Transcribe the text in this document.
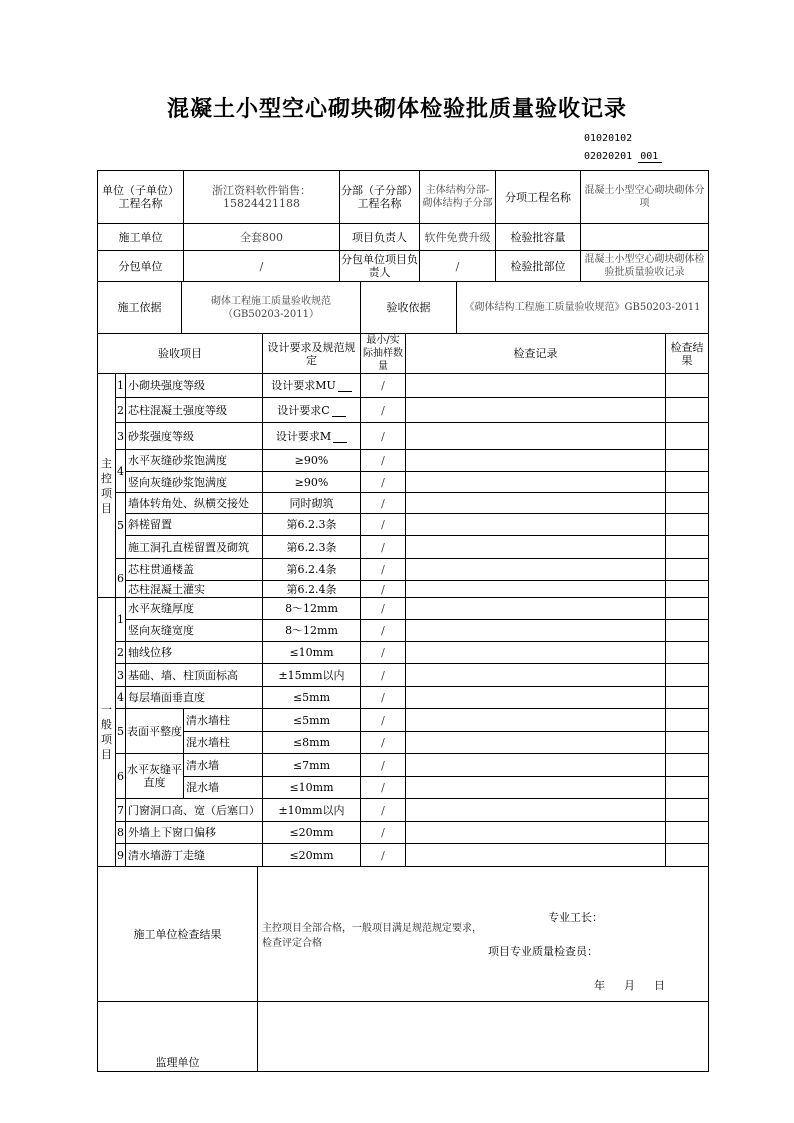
混凝土小型空心砌块砌体检验批质量验收记录
01020102
02020201 001

单位（子单位）工程名称				浙江资料软件销售：15824421188			分部（子分部）工程名称				主体结构分部-砌体结构子分部			分项工程名称	混凝土小型空心砌块砌体分项		
施工单位				全套800			项目负责人				软件免费升级			检验批容量			
分包单位				/			分包单位项目负责人				/			检验批部位	混凝土小型空心砌块砌体检验批质量验收记录		
施工依据			砌体工程施工质量验收规范（GB50203-2011）						验收依据			《砌体结构工程施工质量验收规范》GB50203-2011					
验收项目						设计要求及规范规定			最小/实际抽样数量	检查记录							检查结果
主控项目	1	小砌块强度等级				设计要求MU			/								
	2	芯柱混凝土强度等级				设计要求C			/								
	3	砂浆强度等级				设计要求M			/								
	4	水平灰缝砂浆饱满度				≥90%			/								
		竖向灰缝砂浆饱满度				≥90%			/								
	5	墙体转角处、纵横交接处				同时砌筑			/								
		斜槎留置				第6.2.3条			/								
		施工洞孔直槎留置及砌筑				第6.2.3条			/								
	6	芯柱贯通楼盖				第6.2.4条			/								
		芯柱混凝土灌实				第6.2.4条			/								
一般项目	1	水平灰缝厚度				8～12mm			/								
		竖向灰缝宽度				8～12mm			/								
	2	轴线位移				≤10mm			/								
	3	基础、墙、柱顶面标高				±15mm以内			/								
	4	每层墙面垂直度				≤5mm			/								
	5	表面平整度		清水墙柱		≤5mm			/								
				混水墙柱		≤8mm			/								
	6	水平灰缝平直度		清水墙		≤7mm			/								
				混水墙		≤10mm			/								
	7	门窗洞口高、宽（后塞口）				±10mm以内			/								
	8	外墙上下窗口偏移				≤20mm			/								
	9	清水墙游丁走缝				≤20mm			/								
施工单位检查结果					主控项目全部合格，一般项目满足规范规定要求，检查评定合格
专业工长：
项目专业质量检查员：
年　月　日												

监理单位																	
